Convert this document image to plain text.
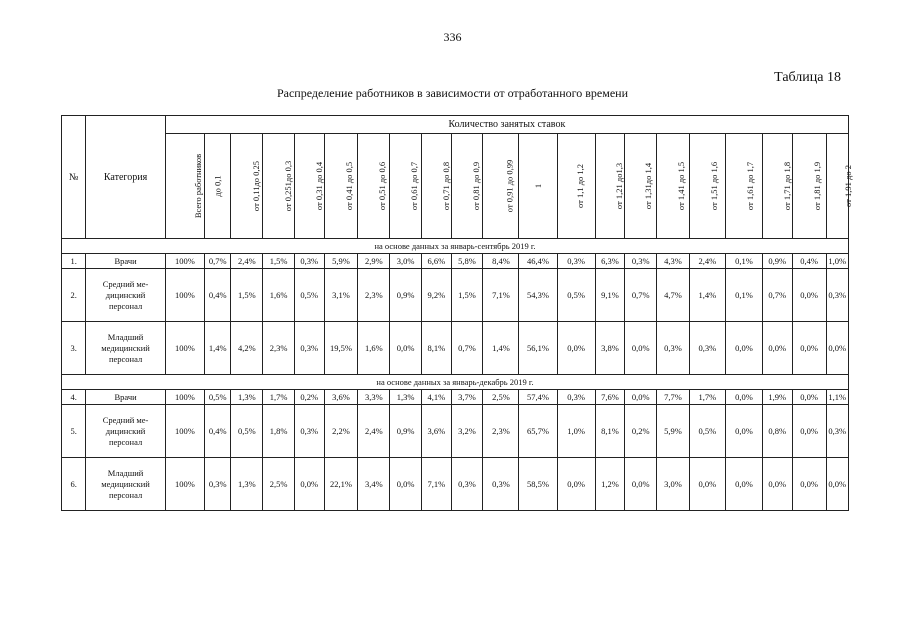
336
Таблица 18
Распределение работников в зависимости от отработанного времени
№	Категория	Количество занятых ставок																				
		Всего работников	до 0,1	от 0,11до 0,25	от 0,251до 0,3	от 0,31 до 0,4	от 0,41 до 0,5	от 0,51 до 0,6	от 0,61 до 0,7	от 0,71 до 0,8	от 0,81 до 0,9	от 0,91 до 0,99	1	от 1,1 до 1,2	от 1,21 до1,3	от 1,31до 1,4	от 1,41 до 1,5	от 1,51 до 1,6	от 1,61 до 1,7	от 1,71 до 1,8	от 1,81 до 1,9	от 1,91 до 2
на основе данных за январь-сентябрь 2019 г.																						
1.	Врачи	100%	0,7%	2,4%	1,5%	0,3%	5,9%	2,9%	3,0%	6,6%	5,8%	8,4%	46,4%	0,3%	6,3%	0,3%	4,3%	2,4%	0,1%	0,9%	0,4%	1,0%
2.	Средний ме-
дицинский
персонал	100%	0,4%	1,5%	1,6%	0,5%	3,1%	2,3%	0,9%	9,2%	1,5%	7,1%	54,3%	0,5%	9,1%	0,7%	4,7%	1,4%	0,1%	0,7%	0,0%	0,3%
3.	Младший
медицинский
персонал	100%	1,4%	4,2%	2,3%	0,3%	19,5%	1,6%	0,0%	8,1%	0,7%	1,4%	56,1%	0,0%	3,8%	0,0%	0,3%	0,3%	0,0%	0,0%	0,0%	0,0%
на основе данных за январь-декабрь 2019 г.																						
4.	Врачи	100%	0,5%	1,3%	1,7%	0,2%	3,6%	3,3%	1,3%	4,1%	3,7%	2,5%	57,4%	0,3%	7,6%	0,0%	7,7%	1,7%	0,0%	1,9%	0,0%	1,1%
5.	Средний ме-
дицинский
персонал	100%	0,4%	0,5%	1,8%	0,3%	2,2%	2,4%	0,9%	3,6%	3,2%	2,3%	65,7%	1,0%	8,1%	0,2%	5,9%	0,5%	0,0%	0,8%	0,0%	0,3%
6.	Младший
медицинский
персонал	100%	0,3%	1,3%	2,5%	0,0%	22,1%	3,4%	0,0%	7,1%	0,3%	0,3%	58,5%	0,0%	1,2%	0,0%	3,0%	0,0%	0,0%	0,0%	0,0%	0,0%
